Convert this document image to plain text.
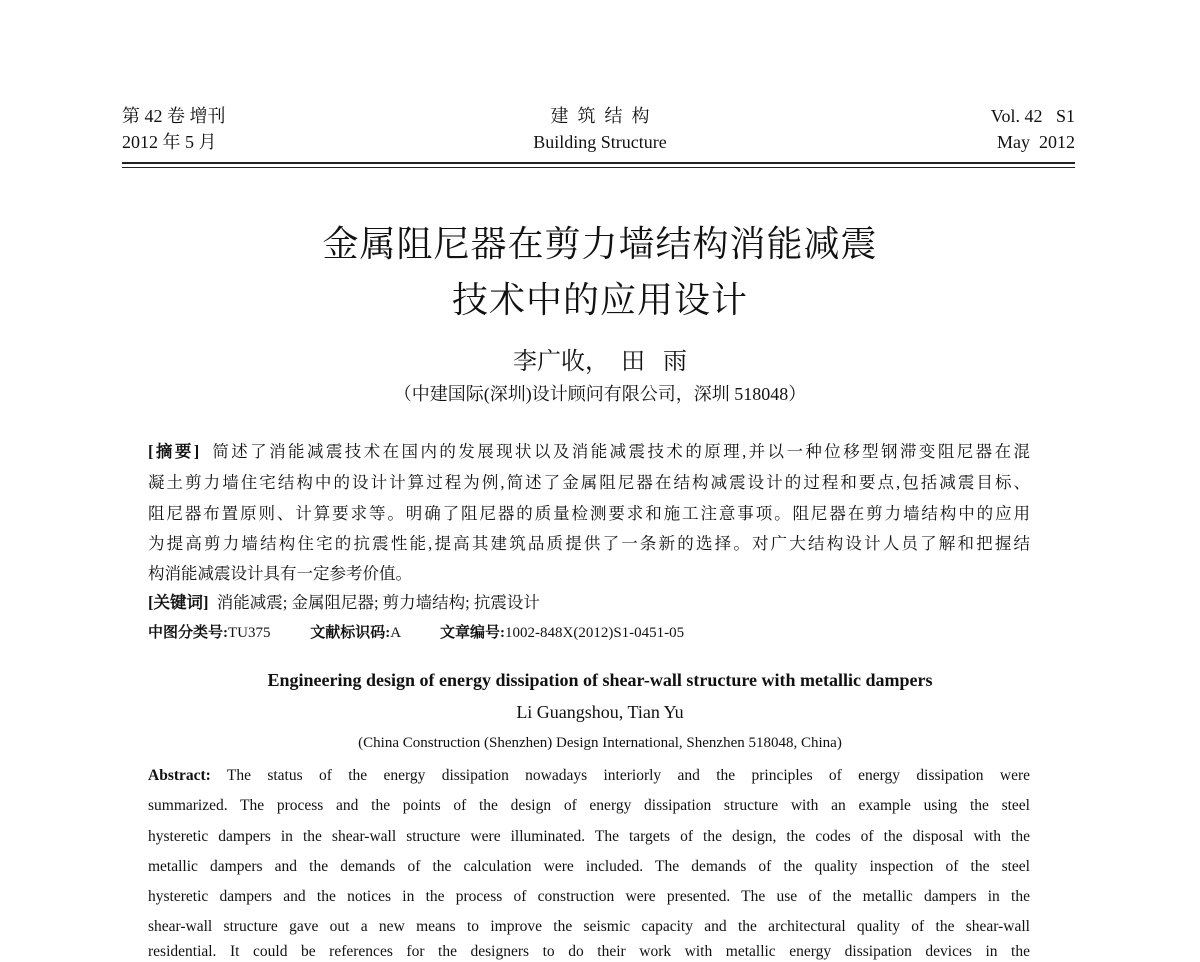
第 42 卷 增刊
2012 年 5 月
建  筑  结  构
Building Structure
Vol. 42   S1
May  2012
金属阻尼器在剪力墙结构消能减震
技术中的应用设计
李广收，  田   雨
（中建国际(深圳)设计顾问有限公司，深圳 518048）
[摘要] 简述了消能减震技术在国内的发展现状以及消能减震技术的原理,并以一种位移型钢滞变阻尼器在混
凝土剪力墙住宅结构中的设计计算过程为例,简述了金属阻尼器在结构减震设计的过程和要点,包括减震目标、
阻尼器布置原则、计算要求等。明确了阻尼器的质量检测要求和施工注意事项。阻尼器在剪力墙结构中的应用
为提高剪力墙结构住宅的抗震性能,提高其建筑品质提供了一条新的选择。对广大结构设计人员了解和把握结
构消能减震设计具有一定参考价值。
[关键词] 消能减震; 金属阻尼器; 剪力墙结构; 抗震设计
中图分类号:TU375	文献标识码:A	文章编号:1002-848X(2012)S1-0451-05
Engineering design of energy dissipation of shear-wall structure with metallic dampers
Li Guangshou, Tian Yu
(China Construction (Shenzhen) Design International, Shenzhen 518048, China)
Abstract: The status of the energy dissipation nowadays interiorly and the principles of energy dissipation were
summarized. The process and the points of the design of energy dissipation structure with an example using the steel
hysteretic dampers in the shear-wall structure were illuminated. The targets of the design, the codes of the disposal with the
metallic dampers and the demands of the calculation were included. The demands of the quality inspection of the steel
hysteretic dampers and the notices in the process of construction were presented. The use of the metallic dampers in the
shear-wall structure gave out a new means to improve the seismic capacity and the architectural quality of the shear-wall
residential. It could be references for the designers to do their work with metallic energy dissipation devices in the
